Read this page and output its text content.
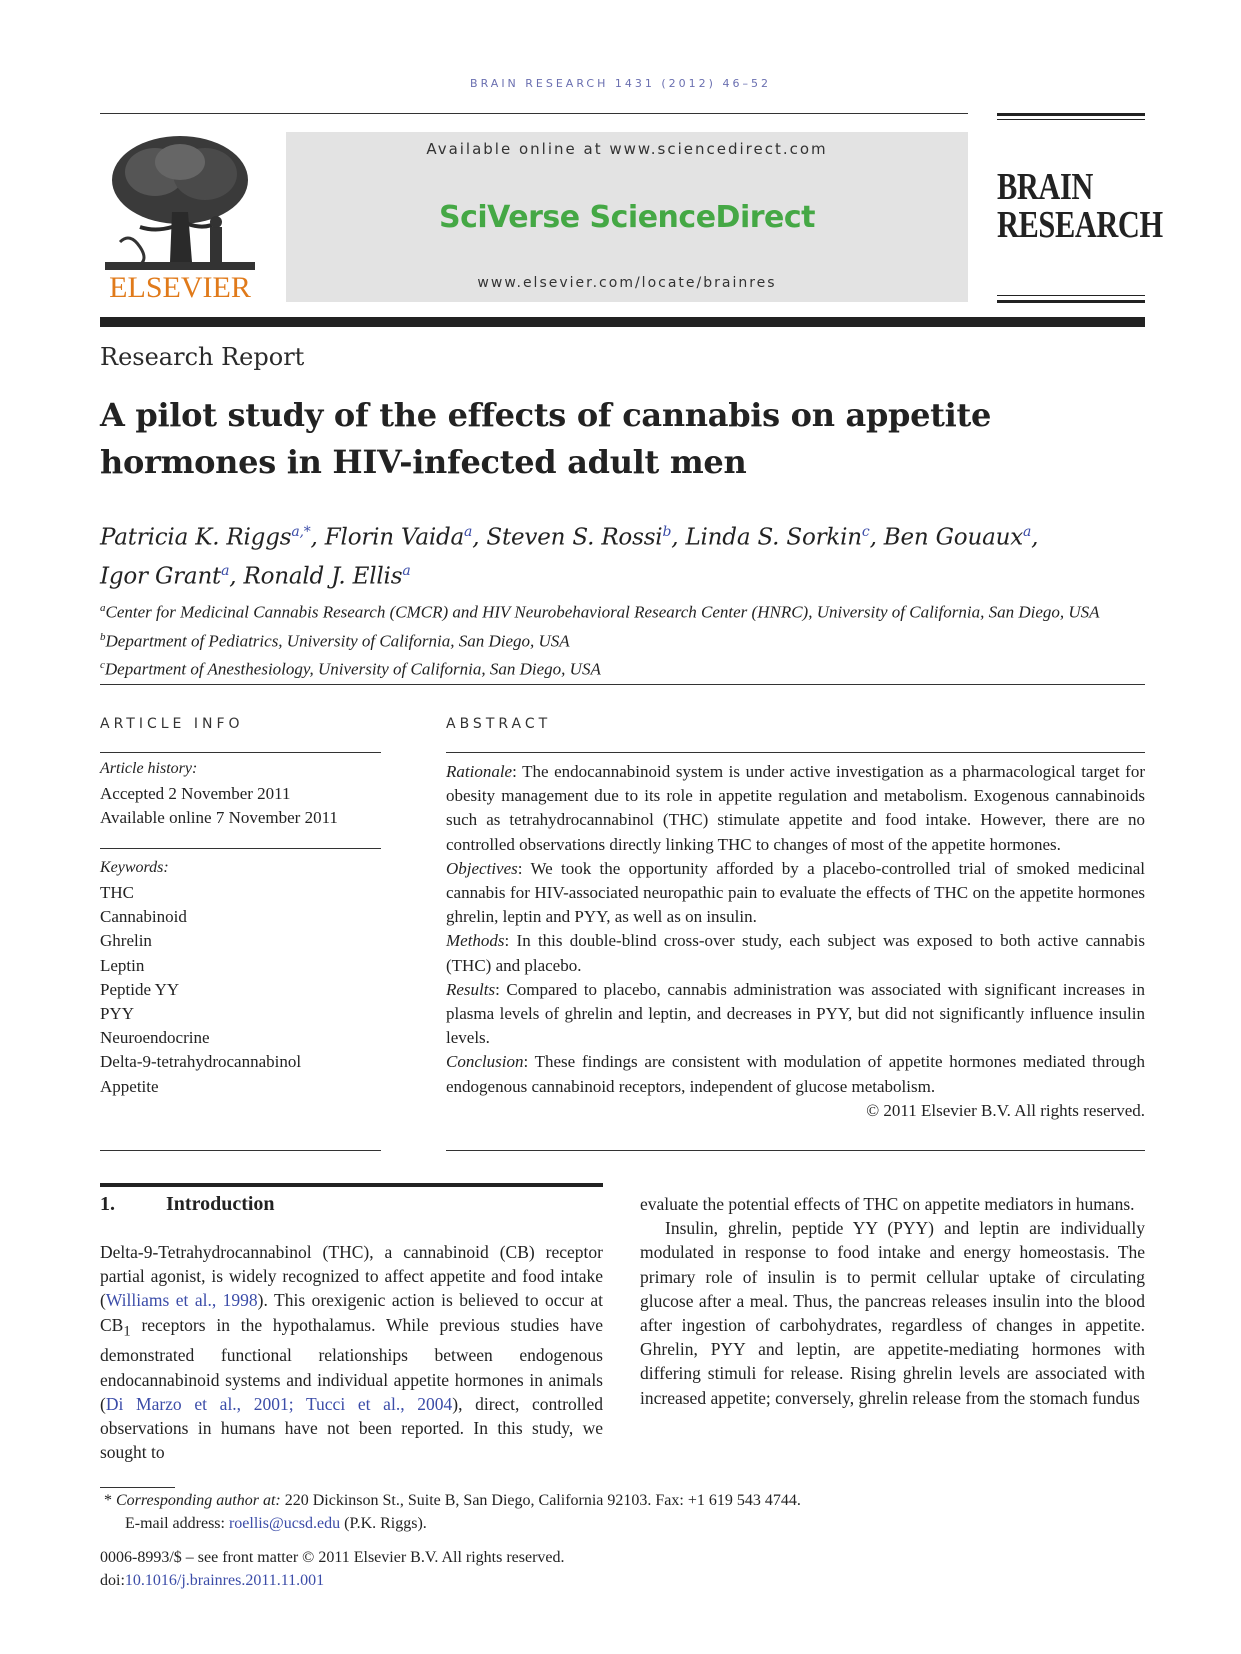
BRAIN RESEARCH 1431 (2012) 46–52
ELSEVIER
Available online at www.sciencedirect.com
SciVerse ScienceDirect
www.elsevier.com/locate/brainres
BRAIN
RESEARCH
Research Report
A pilot study of the effects of cannabis on appetite hormones in HIV-infected adult men
Patricia K. Riggs$^{a,*}$, Florin Vaida$^a$, Steven S. Rossi$^b$, Linda S. Sorkin$^c$, Ben Gouaux$^a$,
Igor Grant$^a$, Ronald J. Ellis$^a$
$^a$Center for Medicinal Cannabis Research (CMCR) and HIV Neurobehavioral Research Center (HNRC), University of California, San Diego, USA
$^b$Department of Pediatrics, University of California, San Diego, USA
$^c$Department of Anesthesiology, University of California, San Diego, USA
ARTICLE INFO
Article history:
Accepted 2 November 2011
Available online 7 November 2011
Keywords:
THC
Cannabinoid
Ghrelin
Leptin
Peptide YY
PYY
Neuroendocrine
Delta-9-tetrahydrocannabinol
Appetite
ABSTRACT

Rationale: The endocannabinoid system is under active investigation as a pharmacological target for obesity management due to its role in appetite regulation and metabolism. Exogenous cannabinoids such as tetrahydrocannabinol (THC) stimulate appetite and food intake. However, there are no controlled observations directly linking THC to changes of most of the appetite hormones.

Objectives: We took the opportunity afforded by a placebo-controlled trial of smoked medicinal cannabis for HIV-associated neuropathic pain to evaluate the effects of THC on the appetite hormones ghrelin, leptin and PYY, as well as on insulin.

Methods: In this double-blind cross-over study, each subject was exposed to both active cannabis (THC) and placebo.

Results: Compared to placebo, cannabis administration was associated with significant increases in plasma levels of ghrelin and leptin, and decreases in PYY, but did not significantly influence insulin levels.

Conclusion: These findings are consistent with modulation of appetite hormones mediated through endogenous cannabinoid receptors, independent of glucose metabolism.

© 2011 Elsevier B.V. All rights reserved.

1.	Introduction

Delta-9-Tetrahydrocannabinol (THC), a cannabinoid (CB) receptor partial agonist, is widely recognized to affect appetite and food intake (Williams et al., 1998). This orexigenic action is believed to occur at $CB_1$ receptors in the hypothalamus. While previous studies have demonstrated functional relationships between endogenous endocannabinoid systems and individual appetite hormones in animals (Di Marzo et al., 2001; Tucci et al., 2004), direct, controlled observations in humans have not been reported. In this study, we sought to

evaluate the potential effects of THC on appetite mediators in humans.

Insulin, ghrelin, peptide YY (PYY) and leptin are individually modulated in response to food intake and energy homeostasis. The primary role of insulin is to permit cellular uptake of circulating glucose after a meal. Thus, the pancreas releases insulin into the blood after ingestion of carbohydrates, regardless of changes in appetite. Ghrelin, PYY and leptin, are appetite-mediating hormones with differing stimuli for release. Rising ghrelin levels are associated with increased appetite; conversely, ghrelin release from the stomach fundus

* Corresponding author at: 220 Dickinson St., Suite B, San Diego, California 92103. Fax: +1 619 543 4744.
E-mail address: roellis@ucsd.edu (P.K. Riggs).
0006-8993/$ – see front matter © 2011 Elsevier B.V. All rights reserved.
doi:10.1016/j.brainres.2011.11.001
